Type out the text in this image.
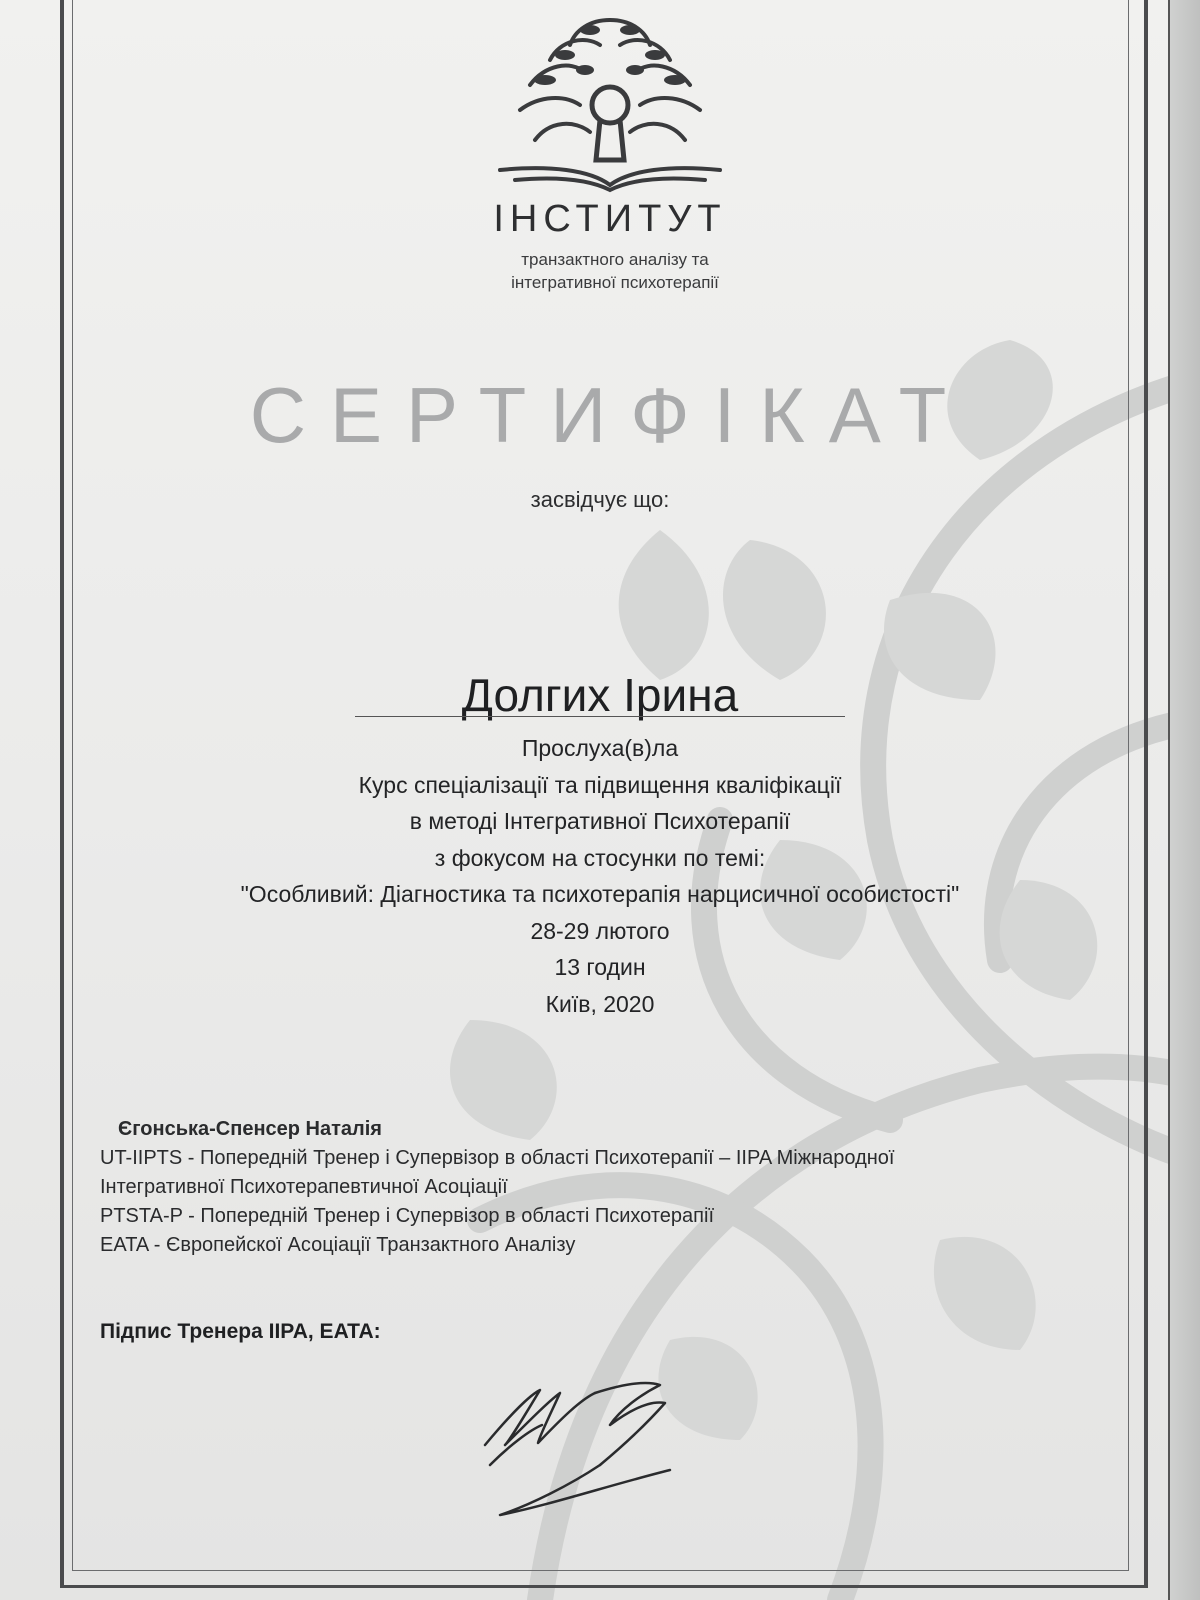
ІНСТИТУТ
транзактного аналізу та
інтегративної психотерапії
СЕРТИФІКАТ
засвідчує що:
Долгих Ірина
Прослуха(в)ла
Курс спеціалізації та підвищення кваліфікації
в методі Інтегративної Психотерапії
з фокусом на стосунки по темі:
"Особливий: Діагностика та психотерапія нарцисичної особистості"
28-29 лютого
13 годин
Київ, 2020
Єгонська-Спенсер Наталія
UT-IIPTS - Попередній Тренер і Супервізор в області Психотерапії – IIPA Міжнародної
Інтегративної Психотерапевтичної Асоціації
PTSTA-P - Попередній Тренер і Супервізор в області Психотерапії
EATA - Європейскої Асоціації Транзактного Аналізу
Підпис Тренера IIPA, EATA:
